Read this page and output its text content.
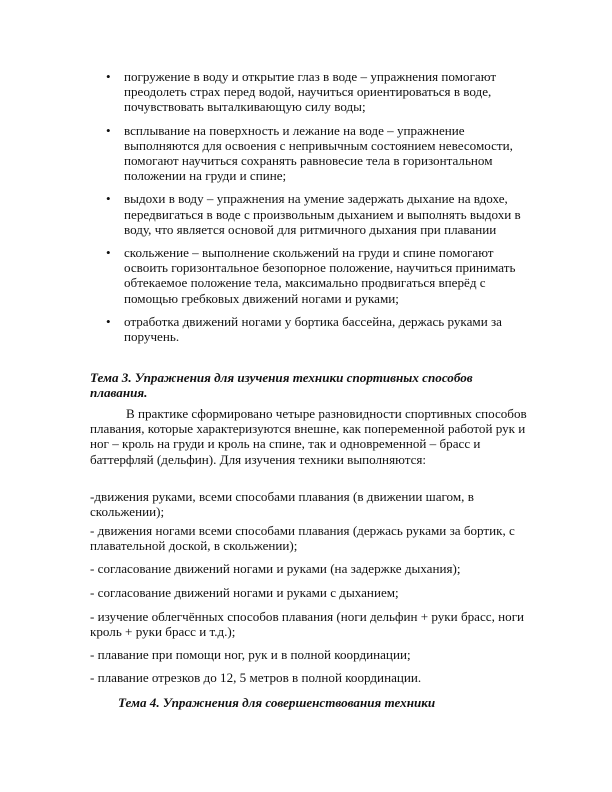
• погружение в воду и открытие глаз в воде – упражнения помогают преодолеть страх перед водой, научиться ориентироваться в воде, почувствовать выталкивающую силу воды;
• всплывание на поверхность и лежание на воде – упражнение выполняются для освоения с непривычным состоянием невесомости, помогают научиться сохранять равновесие тела в горизонтальном положении на груди и спине;
• выдохи в воду – упражнения на умение задержать дыхание на вдохе, передвигаться в воде с произвольным дыханием и выполнять выдохи в воду, что является основой для ритмичного дыхания при плавании
• скольжение – выполнение скольжений на груди и спине помогают освоить горизонтальное безопорное положение, научиться принимать обтекаемое положение тела, максимально продвигаться вперёд с помощью гребковых движений ногами и руками;
• отработка движений ногами у бортика бассейна, держась руками за поручень.
Тема 3. Упражнения для изучения техники спортивных способов плавания.
В практике сформировано четыре разновидности спортивных способов плавания, которые характеризуются внешне, как попеременной работой рук и ног – кроль на груди и кроль на спине, так и одновременной – брасс и баттерфляй (дельфин). Для изучения техники выполняются:
-движения руками, всеми способами плавания (в движении шагом, в скольжении);
- движения ногами всеми способами плавания (держась руками за бортик, с плавательной доской, в скольжении);
- согласование движений ногами и руками (на задержке дыхания);
- согласование движений ногами и руками с дыханием;
- изучение облегчённых способов плавания (ноги дельфин + руки брасс, ноги кроль + руки брасс и т.д.);
- плавание при помощи ног, рук и в полной координации;
- плавание отрезков до 12, 5 метров в полной координации.
Тема 4. Упражнения для совершенствования техники
